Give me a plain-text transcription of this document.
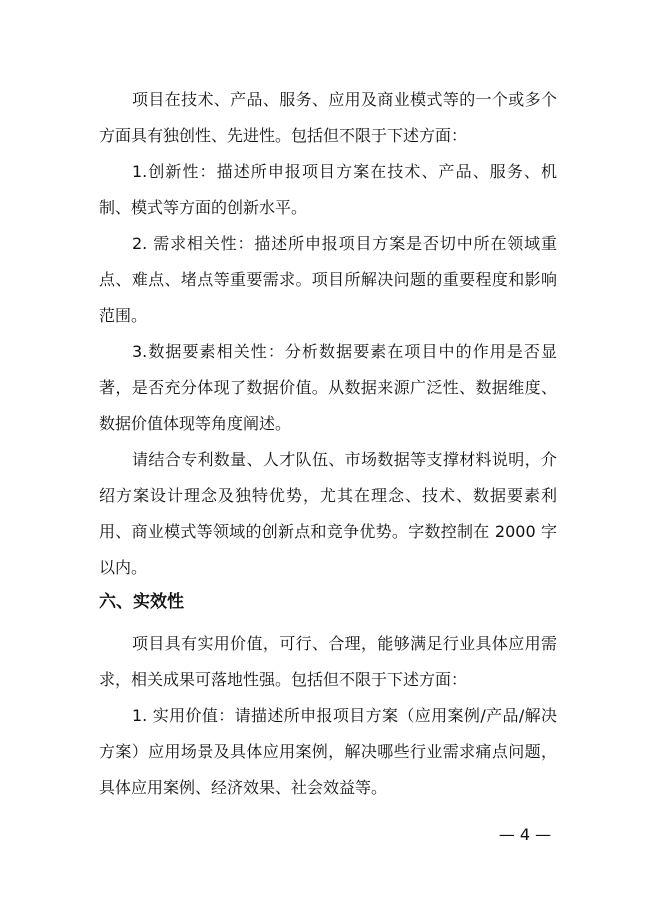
项目在技术、产品、服务、应用及商业模式等的一个或多个方面具有独创性、先进性。包括但不限于下述方面：

1.创新性：描述所申报项目方案在技术、产品、服务、机制、模式等方面的创新水平。

2. 需求相关性：描述所申报项目方案是否切中所在领域重点、难点、堵点等重要需求。项目所解决问题的重要程度和影响范围。

3.数据要素相关性：分析数据要素在项目中的作用是否显著，是否充分体现了数据价值。从数据来源广泛性、数据维度、数据价值体现等角度阐述。

请结合专利数量、人才队伍、市场数据等支撑材料说明，介绍方案设计理念及独特优势，尤其在理念、技术、数据要素利用、商业模式等领域的创新点和竞争优势。字数控制在 2000 字以内。

六、实效性

项目具有实用价值，可行、合理，能够满足行业具体应用需求，相关成果可落地性强。包括但不限于下述方面：

1. 实用价值：请描述所申报项目方案（应用案例/产品/解决方案）应用场景及具体应用案例，解决哪些行业需求痛点问题，具体应用案例、经济效果、社会效益等。

— 4 —
